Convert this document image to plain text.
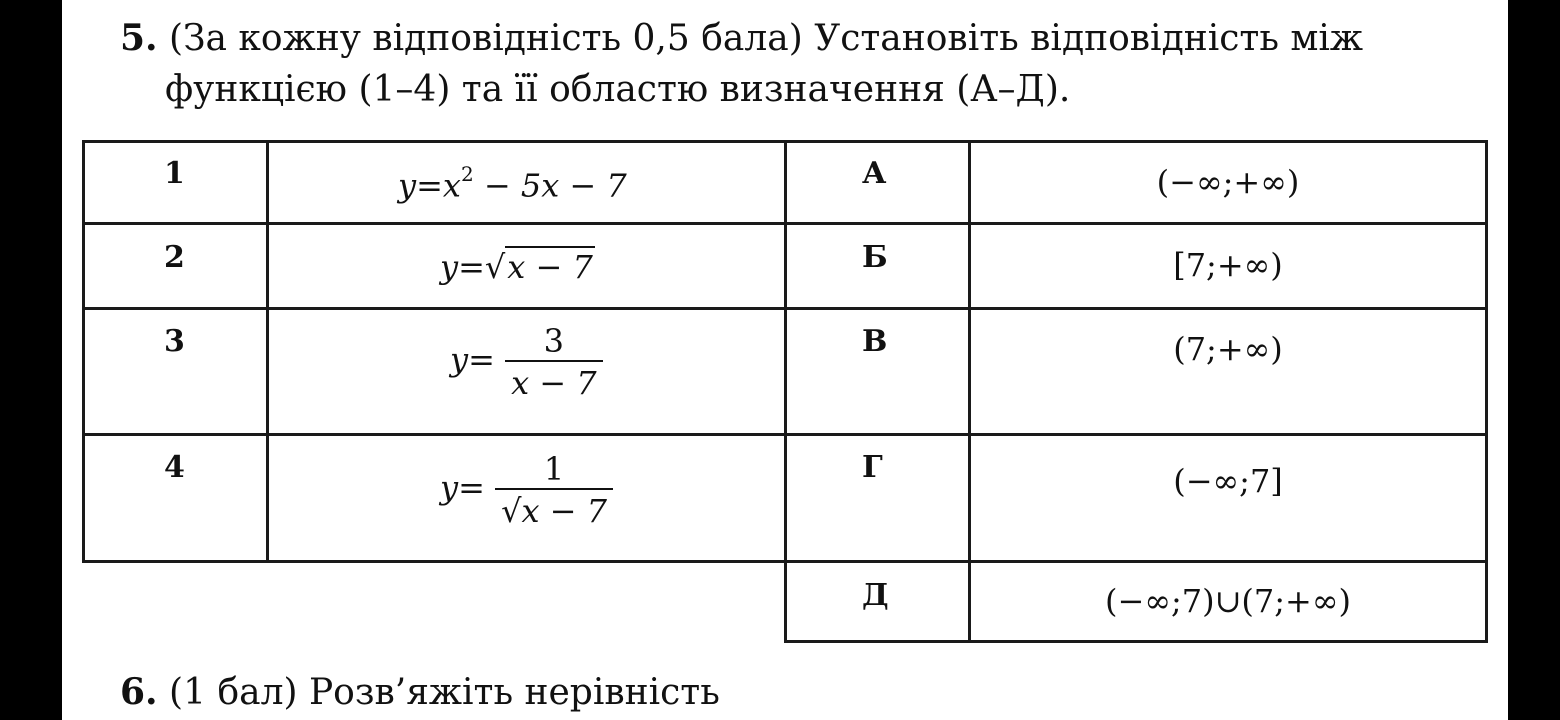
5. (За кожну відповідність 0,5 бала) Установіть відповідність між
функцією (1–4) та її областю визначення (А–Д).
1
2
3
4
$y=x^2 - 5x - 7$
y=√x − 7
$y= \frac{3}{x - 7}$
$y= \frac{1}{√x - 7}$
А
Б
В
Г
Д
(−∞;+∞)
[7;+∞)
(7;+∞)
(−∞;7]
(−∞;7)∪(7;+∞)
6. (1 бал) Розв’яжіть нерівність
